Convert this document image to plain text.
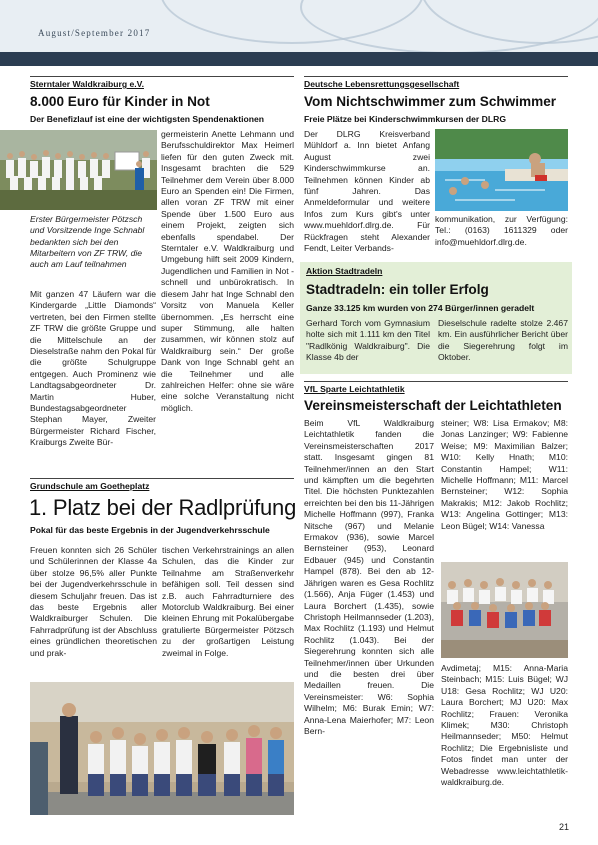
August/September 2017
Sterntaler Waldkraiburg e.V.
8.000 Euro für Kinder in Not
Der Benefizlauf ist eine der wichtigsten Spendenaktionen

germeisterin Anette Lehmann und Berufsschuldirektor Max Heimerl liefen für den guten Zweck mit. Insgesamt brachten die 529 Teilnehmer dem Verein über 8.000 Euro an Spenden ein! Die Firmen, allen voran ZF TRW mit einer Spende über 1.500 Euro aus einem Projekt, zeigten sich ebenfalls spendabel. Der Sterntaler e.V. Waldkraiburg und Umgebung hilft seit 2009 Kindern, Jugendlichen und Familien in Not - schnell und unbürokratisch. In diesem Jahr hat Inge Schnabl den Vorsitz von Manuela Keller übernommen. „Es herrscht eine super Stimmung, alle halten zusammen, wir können stolz auf Waldkraiburg sein.“ Der große Dank von Inge Schnabl geht an die Teilnehmer und alle zahlreichen Helfer: ohne sie wäre eine solche Veranstaltung nicht möglich.

Erster Bürgermeister Pötzsch und Vorsitzende Inge Schnabl bedankten sich bei den Mitarbeitern von ZF TRW, die auch am Lauf teilnahmen

Mit ganzen 47 Läufern war die Kindergarde „Little Diamonds“ vertreten, bei den Firmen stellte ZF TRW die größte Gruppe und die Mittelschule an der Dieselstraße nahm den Pokal für die größte Schulgruppe entgegen. Auch Prominenz wie Landtagsabgeordneter Dr. Martin Huber, Bundestagsabgeordneter Stephan Mayer, Zweiter Bürgermeister Richard Fischer, Kraiburgs Zweite Bür-

Grundschule am Goetheplatz
1. Platz bei der Radlprüfung
Pokal für das beste Ergebnis in der Jugendverkehrsschule

Freuen konnten sich 26 Schüler und Schülerinnen der Klasse 4a über stolze 96,5% aller Punkte bei der Jugendverkehrsschule in diesem Schuljahr freuen. Das ist das beste Ergebnis aller Waldkraiburger Schulen. Die Fahrradprüfung ist der Abschluss eines gründlichen theoretischen und prak-

tischen Verkehrstrainings an allen Schulen, das die Kinder zur Teilnahme am Straßenverkehr befähigen soll. Teil dessen sind z.B. auch Fahrradturniere des Motorclub Waldkraiburg. Bei einer kleinen Ehrung mit Pokalübergabe gratulierte Bürgermeister Pötzsch zu der großartigen Leistung zweimal in Folge.

Deutsche Lebensrettungsgesellschaft
Vom Nichtschwimmer zum Schwimmer
Freie Plätze bei Kinderschwimmkursen der DLRG

Der DLRG Kreisverband Mühldorf a. Inn bietet Anfang August zwei Kinderschwimmkurse an. Teilnehmen können Kinder ab fünf Jahren. Das Anmeldeformular und weitere Infos zum Kurs gibt's unter www.muehldorf.dlrg.de. Für Rückfragen steht Alexander Fendt, Leiter Verbands-

kommunikation, zur Verfügung: Tel.: (0163) 1611329 oder info@muehldorf.dlrg.de.

Aktion Stadtradeln
Stadtradeln: ein toller Erfolg
Ganze 33.125 km wurden von 274 Bürger/innen geradelt

Gerhard Torch vom Gymnasium holte sich mit 1.111 km den Titel "Radlkönig Waldkraiburg". Die Klasse 4b der

Dieselschule radelte stolze 2.467 km. Ein ausführlicher Bericht über die Siegerehrung folgt im Oktober.

VfL Sparte Leichtathletik
Vereinsmeisterschaft der Leichtathleten

Beim VfL Waldkraiburg Leichtathletik fanden die Vereinsmeisterschaften 2017 statt. Insgesamt gingen 81 Teilnehmer/innen an den Start und kämpften um die begehrten Titel. Die höchsten Punktezahlen erreichten bei den bis 11-Jährigen Michelle Hoffmann (997), Franka Nitsche (967) und Melanie Ermakov (936), sowie Marcel Bernsteiner (953), Leonard Edbauer (945) und Constantin Hampel (878). Bei den ab 12-Jährigen waren es Gesa Rochlitz (1.566), Anja Füger (1.453) und Laura Borchert (1.435), sowie Christoph Heilmannseder (1.203), Max Rochlitz (1.193) und Helmut Rochlitz (1.043). Bei der Siegerehrung konnten sich alle Teilnehmer/innen über Urkunden und die besten drei über Medaillen freuen. Die Vereinsmeister: W6: Sophia Wilhelm; M6: Burak Emin; W7: Anna-Lena Maierhofer; M7: Leon Bern-

steiner; W8: Lisa Ermakov; M8: Jonas Lanzinger; W9: Fabienne Weise; M9: Maximilian Balzer; W10: Kelly Hnath; M10: Constantin Hampel; W11: Michelle Hoffmann; M11: Marcel Bernsteiner; W12: Sophia Makrakis; M12: Jakob Rochlitz; W13: Angelina Gottinger; M13: Leon Bügel; W14: Vanessa

Avdimetaj; M15: Anna-Maria Steinbach; M15: Luis Bügel; WJ U18: Gesa Rochlitz; WJ U20: Laura Borchert; MJ U20: Max Rochlitz; Frauen: Veronika Klimek; M30: Christoph Heilmannseder; M50: Helmut Rochlitz; Die Ergebnisliste und Fotos findet man unter der Webadresse www.leichtathletik-waldkraiburg.de.

21
